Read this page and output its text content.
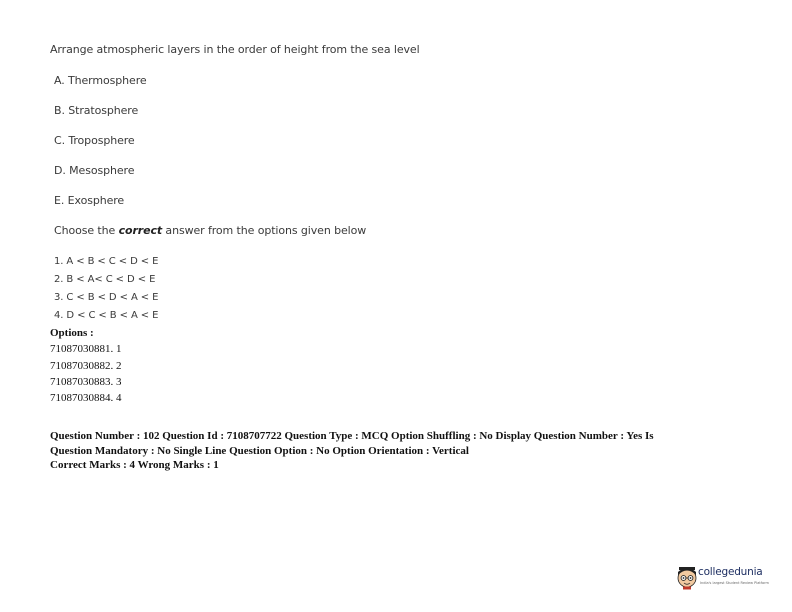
Arrange atmospheric layers in the order of height from the sea level
A. Thermosphere
B. Stratosphere
C. Troposphere
D. Mesosphere
E. Exosphere
Choose the correct answer from the options given below
1. A < B < C < D < E
2. B < A< C < D < E
3. C < B < D < A < E
4. D < C < B < A < E
Options :
71087030881. 1
71087030882. 2
71087030883. 3
71087030884. 4
Question Number : 102 Question Id : 7108707722 Question Type : MCQ Option Shuffling : No Display Question Number : Yes Is
Question Mandatory : No Single Line Question Option : No Option Orientation : Vertical
Correct Marks : 4 Wrong Marks : 1
collegedunia
India's largest Student Review Platform
